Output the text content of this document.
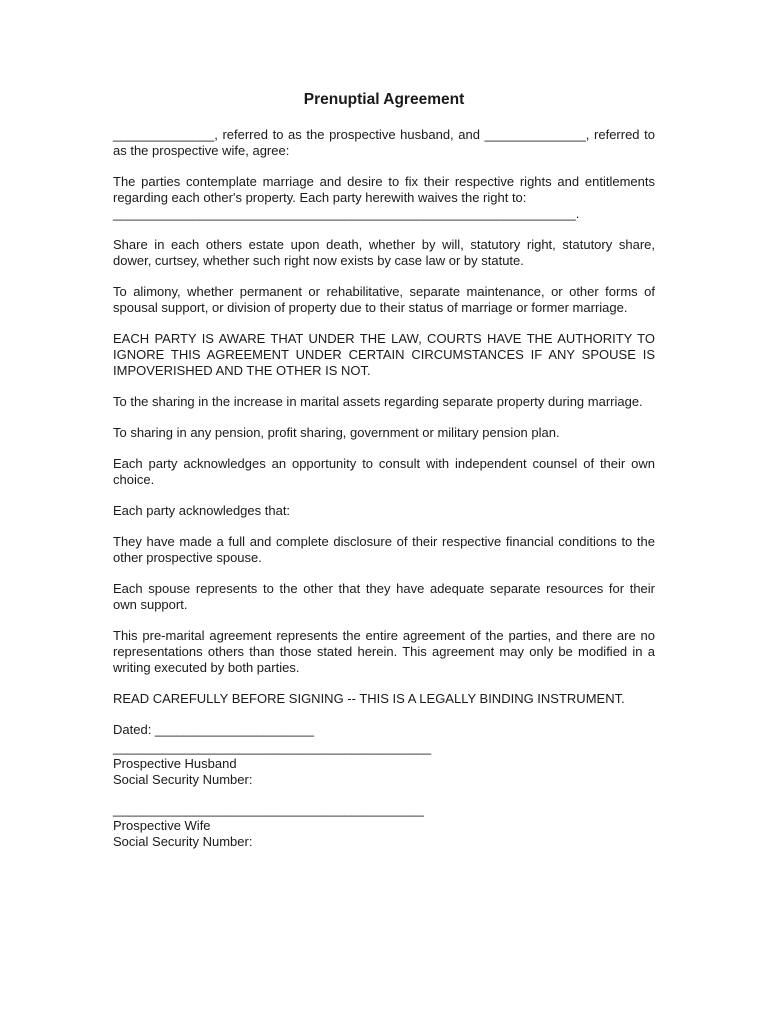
Prenuptial Agreement

______________, referred to as the prospective husband, and ______________, referred to as the prospective wife, agree:

The parties contemplate marriage and desire to fix their respective rights and entitlements regarding each other's property. Each party herewith waives the right to:
________________________________________________________________.

Share in each others estate upon death, whether by will, statutory right, statutory share, dower, curtsey, whether such right now exists by case law or by statute.

To alimony, whether permanent or rehabilitative, separate maintenance, or other forms of spousal support, or division of property due to their status of marriage or former marriage.

EACH PARTY IS AWARE THAT UNDER THE LAW, COURTS HAVE THE AUTHORITY TO IGNORE THIS AGREEMENT UNDER CERTAIN CIRCUMSTANCES IF ANY SPOUSE IS IMPOVERISHED AND THE OTHER IS NOT.

To the sharing in the increase in marital assets regarding separate property during marriage.

To sharing in any pension, profit sharing, government or military pension plan.

Each party acknowledges an opportunity to consult with independent counsel of their own choice.

Each party acknowledges that:

They have made a full and complete disclosure of their respective financial conditions to the other prospective spouse.

Each spouse represents to the other that they have adequate separate resources for their own support.

This pre-marital agreement represents the entire agreement of the parties, and there are no representations others than those stated herein. This agreement may only be modified in a writing executed by both parties.

READ CAREFULLY BEFORE SIGNING -- THIS IS A LEGALLY BINDING INSTRUMENT.

Dated: ______________________
____________________________________________
Prospective Husband
Social Security Number:
___________________________________________
Prospective Wife
Social Security Number:
